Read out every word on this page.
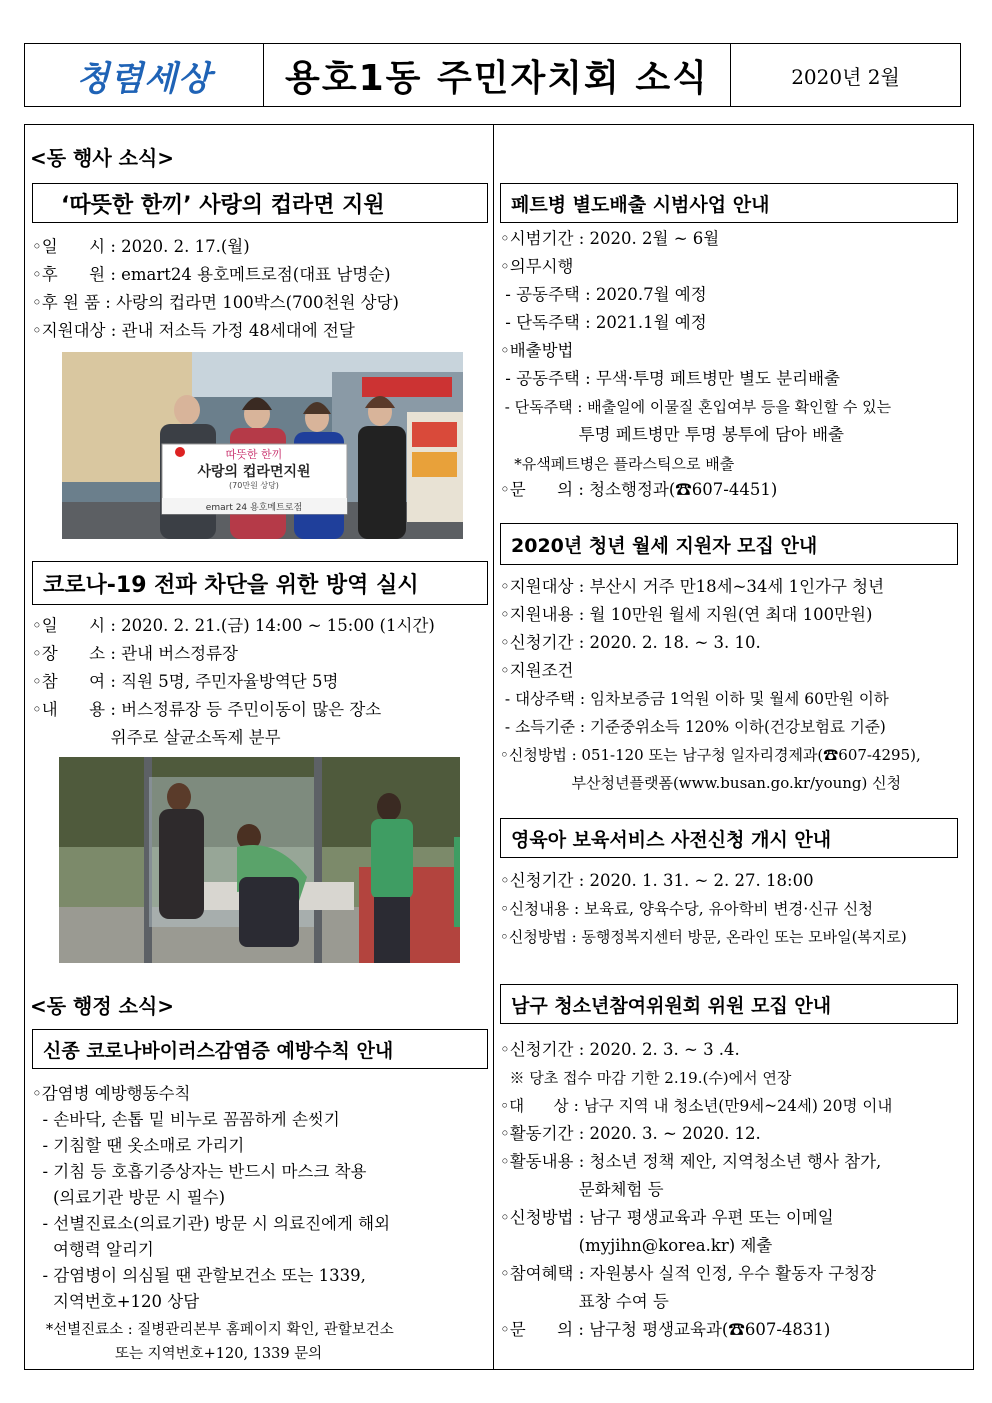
청렴세상 용호1동 주민자치회 소식	2020년 2월
<동 행사 소식>
‘따뜻한 한끼’ 사랑의 컵라면 지원
◦일      시 : 2020. 2. 17.(월)
◦후      원 : emart24 용호메트로점(대표 남명순)
◦후 원 품 : 사랑의 컵라면 100박스(700천원 상당)
◦지원대상 : 관내 저소득 가정 48세대에 전달
따뜻한 한끼
사랑의 컵라면지원
(70만원 상당)
emart 24 용호메트로점
코로나-19 전파 차단을 위한 방역 실시
◦일      시 : 2020. 2. 21.(금) 14:00 ~ 15:00 (1시간)
◦장      소 : 관내 버스정류장
◦참      여 : 직원 5명, 주민자율방역단 5명
◦내      용 : 버스정류장 등 주민이동이 많은 장소
위주로 살균소독제 분무
<동 행정 소식>
신종 코로나바이러스감염증 예방수칙 안내
◦감염병 예방행동수칙
- 손바닥, 손톱 밑 비누로 꼼꼼하게 손씻기
- 기침할 땐 옷소매로 가리기
- 기침 등 호흡기증상자는 반드시 마스크 착용
(의료기관 방문 시 필수)
- 선별진료소(의료기관) 방문 시 의료진에게 해외
여행력 알리기
- 감염병이 의심될 땐 관할보건소 또는 1339,
지역번호+120 상담
*선별진료소 : 질병관리본부 홈페이지 확인, 관할보건소
또는 지역번호+120, 1339 문의
페트병 별도배출 시범사업 안내
◦시범기간 : 2020. 2월 ~ 6월
◦의무시행
- 공동주택 : 2020.7월 예정
- 단독주택 : 2021.1월 예정
◦배출방법
- 공동주택 : 무색·투명 페트병만 별도 분리배출
- 단독주택 : 배출일에 이물질 혼입여부 등을 확인할 수 있는
투명 페트병만 투명 봉투에 담아 배출
*유색페트병은 플라스틱으로 배출
◦문      의 : 청소행정과(☎607-4451)
2020년 청년 월세 지원자 모집 안내
◦지원대상 : 부산시 거주 만18세~34세 1인가구 청년
◦지원내용 : 월 10만원 월세 지원(연 최대 100만원)
◦신청기간 : 2020. 2. 18. ~ 3. 10.
◦지원조건
- 대상주택 : 임차보증금 1억원 이하 및 월세 60만원 이하
- 소득기준 : 기준중위소득 120% 이하(건강보험료 기준)
◦신청방법 : 051-120 또는 남구청 일자리경제과(☎607-4295),
부산청년플랫폼(www.busan.go.kr/young) 신청
영육아 보육서비스 사전신청 개시 안내
◦신청기간 : 2020. 1. 31. ~ 2. 27. 18:00
◦신청내용 : 보육료, 양육수당, 유아학비 변경·신규 신청
◦신청방법 : 동행정복지센터 방문, 온라인 또는 모바일(복지로)
남구 청소년참여위원회 위원 모집 안내
◦신청기간 : 2020. 2. 3. ~ 3 .4.
※ 당초 접수 마감 기한 2.19.(수)에서 연장
◦대      상 : 남구 지역 내 청소년(만9세~24세) 20명 이내
◦활동기간 : 2020. 3. ~ 2020. 12.
◦활동내용 : 청소년 정책 제안, 지역청소년 행사 참가,
문화체험 등
◦신청방법 : 남구 평생교육과 우편 또는 이메일
(myjihn@korea.kr) 제출
◦참여혜택 : 자원봉사 실적 인정, 우수 활동자 구청장
표창 수여 등
◦문      의 : 남구청 평생교육과(☎607-4831)
